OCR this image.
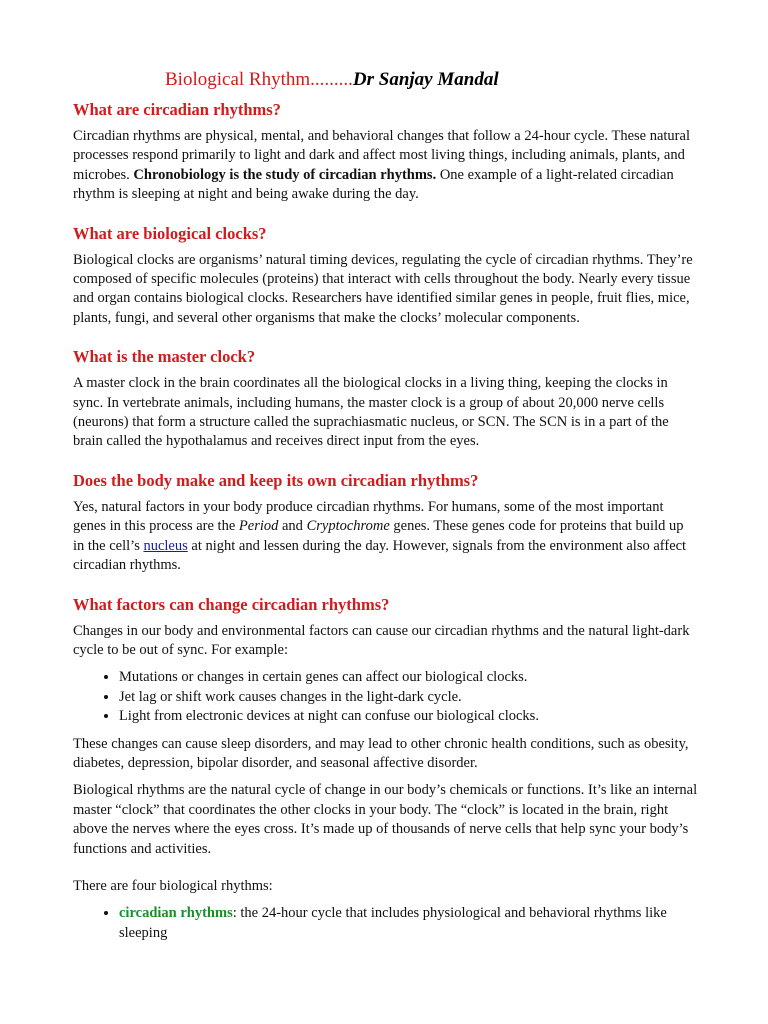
Biological Rhythm.........Dr Sanjay Mandal
What are circadian rhythms?

Circadian rhythms are physical, mental, and behavioral changes that follow a 24-hour cycle. These natural processes respond primarily to light and dark and affect most living things, including animals, plants, and microbes. Chronobiology is the study of circadian rhythms. One example of a light-related circadian rhythm is sleeping at night and being awake during the day.

What are biological clocks?

Biological clocks are organisms’ natural timing devices, regulating the cycle of circadian rhythms. They’re composed of specific molecules (proteins) that interact with cells throughout the body. Nearly every tissue and organ contains biological clocks. Researchers have identified similar genes in people, fruit flies, mice, plants, fungi, and several other organisms that make the clocks’ molecular components.

What is the master clock?

A master clock in the brain coordinates all the biological clocks in a living thing, keeping the clocks in sync. In vertebrate animals, including humans, the master clock is a group of about 20,000 nerve cells (neurons) that form a structure called the suprachiasmatic nucleus, or SCN. The SCN is in a part of the brain called the hypothalamus and receives direct input from the eyes.

Does the body make and keep its own circadian rhythms?

Yes, natural factors in your body produce circadian rhythms. For humans, some of the most important genes in this process are the Period and Cryptochrome genes. These genes code for proteins that build up in the cell’s nucleus at night and lessen during the day. However, signals from the environment also affect circadian rhythms.

What factors can change circadian rhythms?

Changes in our body and environmental factors can cause our circadian rhythms and the natural light-dark cycle to be out of sync. For example:

• Mutations or changes in certain genes can affect our biological clocks.
• Jet lag or shift work causes changes in the light-dark cycle.
• Light from electronic devices at night can confuse our biological clocks.

These changes can cause sleep disorders, and may lead to other chronic health conditions, such as obesity, diabetes, depression, bipolar disorder, and seasonal affective disorder.

Biological rhythms are the natural cycle of change in our body’s chemicals or functions. It’s like an internal master “clock” that coordinates the other clocks in your body. The “clock” is located in the brain, right above the nerves where the eyes cross. It’s made up of thousands of nerve cells that help sync your body’s functions and activities.

There are four biological rhythms:

• circadian rhythms: the 24-hour cycle that includes physiological and behavioral rhythms like sleeping
